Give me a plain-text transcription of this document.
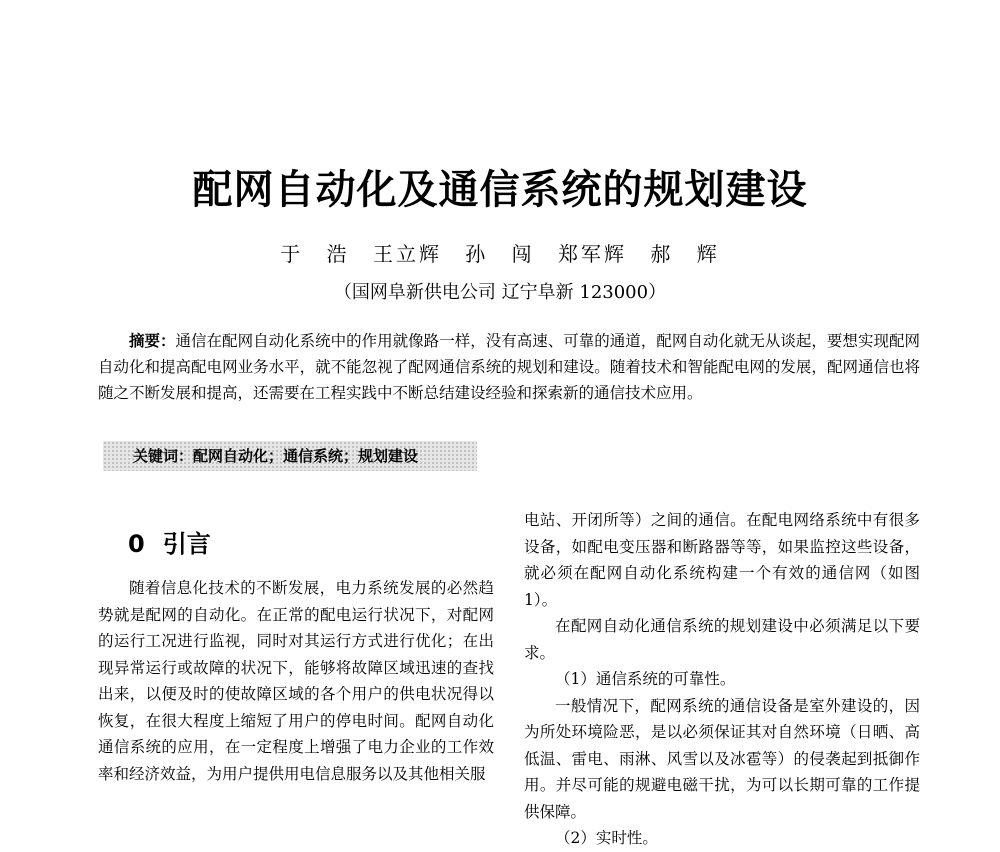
配网自动化及通信系统的规划建设
于 浩 王立辉 孙 闯 郑军辉 郝 辉
（国网阜新供电公司 辽宁阜新 123000）
摘要：通信在配网自动化系统中的作用就像路一样，没有高速、可靠的通道，配网自动化就无从谈起，要想实现配网自动化和提高配电网业务水平，就不能忽视了配网通信系统的规划和建设。随着技术和智能配电网的发展，配网通信也将随之不断发展和提高，还需要在工程实践中不断总结建设经验和探索新的通信技术应用。
关键词：配网自动化；通信系统；规划建设
0 引言

随着信息化技术的不断发展，电力系统发展的必然趋势就是配网的自动化。在正常的配电运行状况下，对配网的运行工况进行监视，同时对其运行方式进行优化；在出现异常运行或故障的状况下，能够将故障区域迅速的查找出来，以便及时的使故障区域的各个用户的供电状况得以恢复，在很大程度上缩短了用户的停电时间。配网自动化通信系统的应用，在一定程度上增强了电力企业的工作效率和经济效益，为用户提供用电信息服务以及其他相关服

电站、开闭所等）之间的通信。在配电网络系统中有很多设备，如配电变压器和断路器等等，如果监控这些设备，就必须在配网自动化系统构建一个有效的通信网（如图 1）。

在配网自动化通信系统的规划建设中必须满足以下要求。

（1）通信系统的可靠性。

一般情况下，配网系统的通信设备是室外建设的，因为所处环境险恶，是以必须保证其对自然环境（日晒、高低温、雷电、雨淋、风雪以及冰雹等）的侵袭起到抵御作用。并尽可能的规避电磁干扰，为可以长期可靠的工作提供保障。

（2）实时性。
